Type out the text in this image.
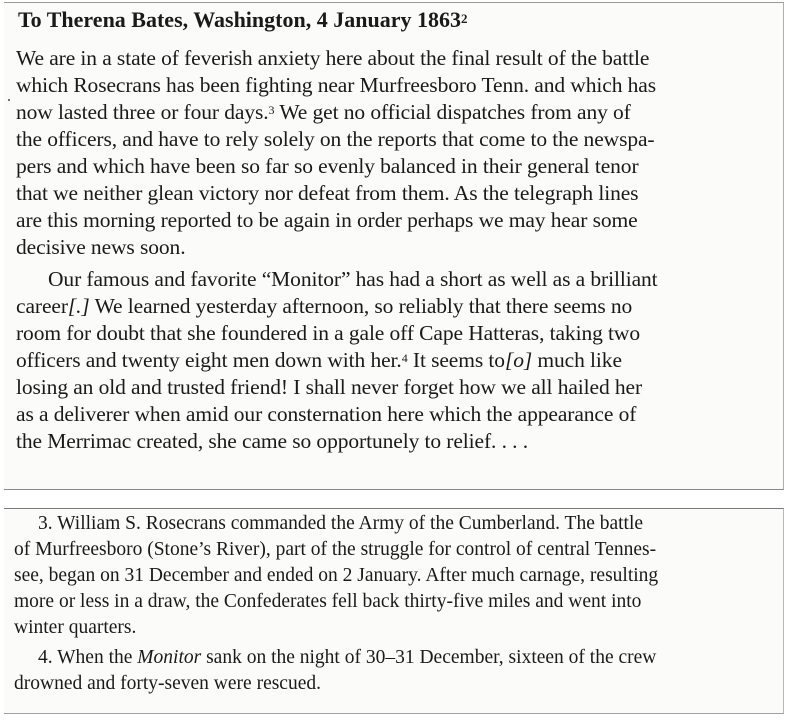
To Therena Bates, Washington, 4 January 1863$^2$

We are in a state of feverish anxiety here about the final result of the battle

which Rosecrans has been fighting near Murfreesboro Tenn. and which has

now lasted three or four days.$^3$ We get no official dispatches from any of

the officers, and have to rely solely on the reports that come to the newspa-

pers and which have been so far so evenly balanced in their general tenor

that we neither glean victory nor defeat from them. As the telegraph lines

are this morning reported to be again in order perhaps we may hear some

decisive news soon.

Our famous and favorite “Monitor” has had a short as well as a brilliant

career[.] We learned yesterday afternoon, so reliably that there seems no

room for doubt that she foundered in a gale off Cape Hatteras, taking two

officers and twenty eight men down with her.$^4$ It seems to[o] much like

losing an old and trusted friend! I shall never forget how we all hailed her

as a deliverer when amid our consternation here which the appearance of

the Merrimac created, she came so opportunely to relief. . . .

3. William S. Rosecrans commanded the Army of the Cumberland. The battle

of Murfreesboro (Stone’s River), part of the struggle for control of central Tennes-

see, began on 31 December and ended on 2 January. After much carnage, resulting

more or less in a draw, the Confederates fell back thirty-five miles and went into

winter quarters.

4. When the Monitor sank on the night of 30–31 December, sixteen of the crew

drowned and forty-seven were rescued.
